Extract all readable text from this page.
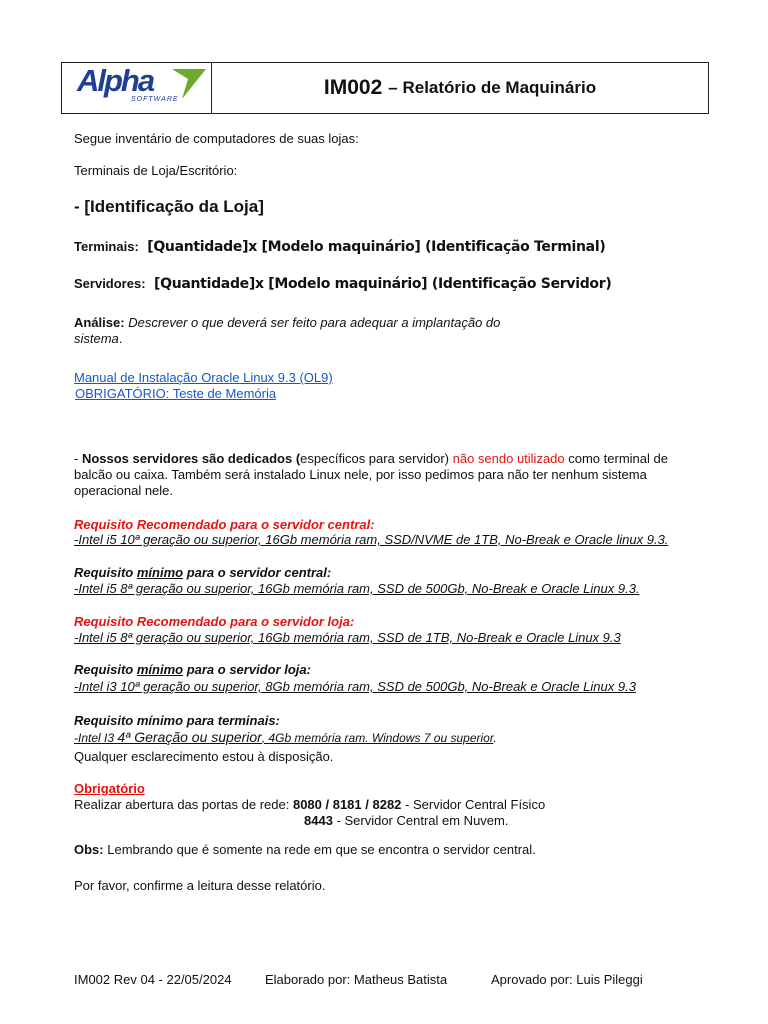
Alpha
SOFTWARE
IM002 – Relatório de Maquinário
Segue inventário de computadores de suas lojas:
Terminais de Loja/Escritório:
- [Identificação da Loja]
Terminais: [Quantidade]x [Modelo maquinário] (Identificação Terminal)
Servidores: [Quantidade]x [Modelo maquinário] (Identificação Servidor)
Análise: Descrever o que deverá ser feito para adequar a implantação do
sistema.
Manual de Instalação Oracle Linux 9.3 (OL9)
OBRIGATÓRIO: Teste de Memória
- Nossos servidores são dedicados (específicos para servidor) não sendo utilizado como terminal de
balcão ou caixa. Também será instalado Linux nele, por isso pedimos para não ter nenhum sistema
operacional nele.
Requisito Recomendado para o servidor central:
-Intel i5 10ª geração ou superior, 16Gb memória ram, SSD/NVME de 1TB, No-Break e Oracle linux 9.3.
Requisito mínimo para o servidor central:
-Intel i5 8ª geração ou superior, 16Gb memória ram, SSD de 500Gb, No-Break e Oracle Linux 9.3.
Requisito Recomendado para o servidor loja:
-Intel i5 8ª geração ou superior, 16Gb memória ram, SSD de 1TB, No-Break e Oracle Linux 9.3
Requisito mínimo para o servidor loja:
-Intel i3 10ª geração ou superior, 8Gb memória ram, SSD de 500Gb, No-Break e Oracle Linux 9.3
Requisito mínimo para terminais:
-Intel I3 4ª Geração ou superior, 4Gb memória ram. Windows 7 ou superior.
Qualquer esclarecimento estou à disposição.
Obrigatório
Realizar abertura das portas de rede: 8080 / 8181 / 8282 - Servidor Central Físico
8443 - Servidor Central em Nuvem.
Obs: Lembrando que é somente na rede em que se encontra o servidor central.
Por favor, confirme a leitura desse relatório.
IM002 Rev 04 - 22/05/2024	Elaborado por: Matheus Batista	Aprovado por: Luis Pileggi
